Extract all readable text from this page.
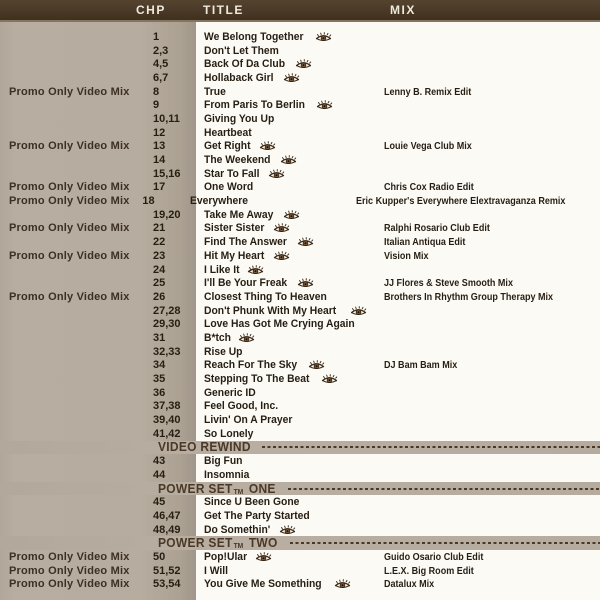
CHP	TITLE	MIX
1	We Belong Together
2,3	Don't Let Them
4,5	Back Of Da Club
6,7	Hollaback Girl
Promo Only Video Mix	8	True	Lenny B. Remix Edit
9	From Paris To Berlin
10,11	Giving You Up
12	Heartbeat
Promo Only Video Mix	13	Get Right	Louie Vega Club Mix
14	The Weekend
15,16	Star To Fall
Promo Only Video Mix	17	One Word	Chris Cox Radio Edit
Promo Only Video Mix	18	Everywhere	Eric Kupper's Everywhere Elextravaganza Remix
19,20	Take Me Away
Promo Only Video Mix	21	Sister Sister	Ralphi Rosario Club Edit
22	Find The Answer	Italian Antiqua Edit
Promo Only Video Mix	23	Hit My Heart	Vision Mix
24	I Like It
25	I'll Be Your Freak	JJ Flores & Steve Smooth Mix
Promo Only Video Mix	26	Closest Thing To Heaven	Brothers In Rhythm Group Therapy Mix
27,28	Don't Phunk With My Heart
29,30	Love Has Got Me Crying Again
31	B*tch
32,33	Rise Up
34	Reach For The Sky	DJ Bam Bam Mix
35	Stepping To The Beat
36	Generic ID
37,38	Feel Good, Inc.
39,40	Livin' On A Prayer
41,42	So Lonely
VIDEO REWIND
43	Big Fun
44	Insomnia
POWER SETTM ONE
45	Since U Been Gone
46,47	Get The Party Started
48,49	Do Somethin'
POWER SETTM TWO
Promo Only Video Mix	50	Pop!Ular	Guido Osario Club Edit
Promo Only Video Mix	51,52	I Will	L.E.X. Big Room Edit
Promo Only Video Mix	53,54	You Give Me Something	Datalux Mix
